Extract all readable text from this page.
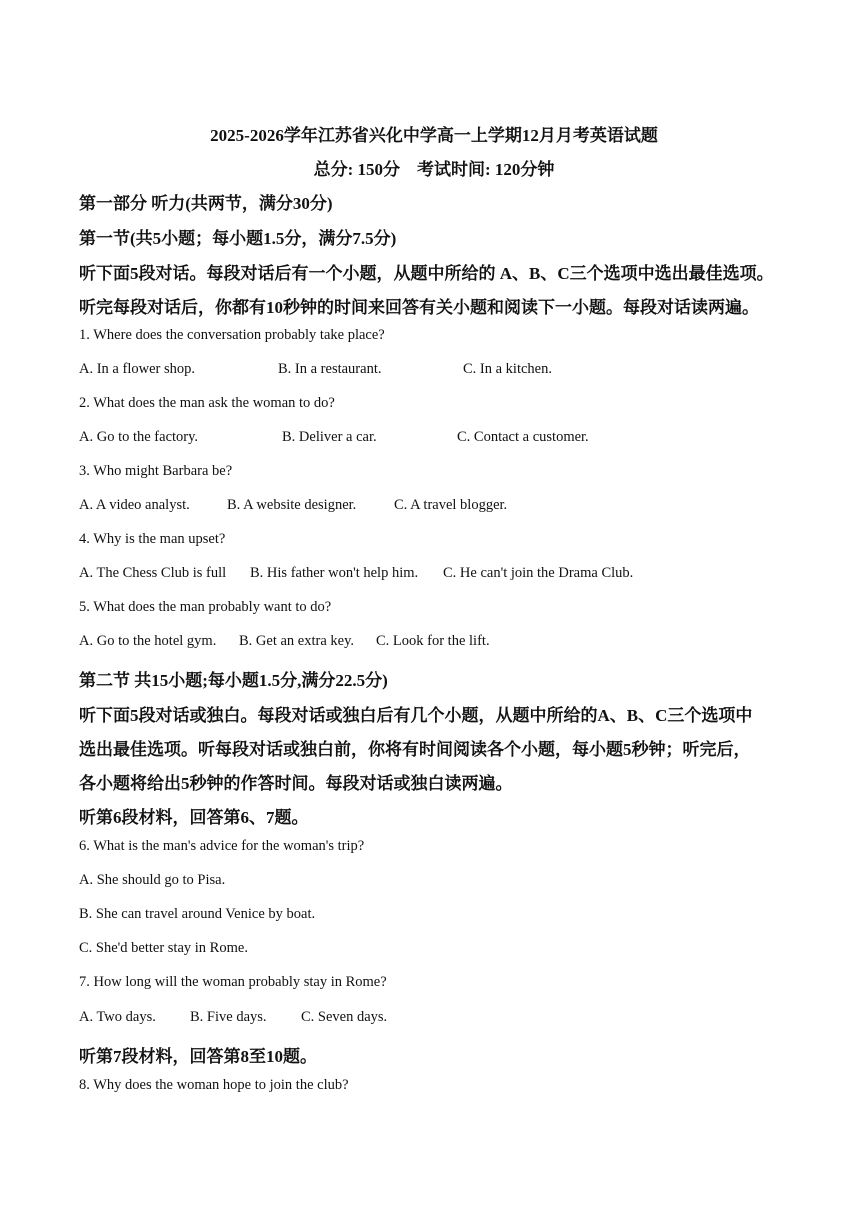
2025-2026学年江苏省兴化中学高一上学期12月月考英语试题
总分: 150分    考试时间: 120分钟
第一部分 听力(共两节，满分30分)
第一节(共5小题；每小题1.5分，满分7.5分)
听下面5段对话。每段对话后有一个小题，从题中所给的 A、B、C三个选项中选出最佳选项。
听完每段对话后，你都有10秒钟的时间来回答有关小题和阅读下一小题。每段对话读两遍。
1. Where does the conversation probably take place?
A. In a flower shop.	B. In a restaurant.	C. In a kitchen.
2. What does the man ask the woman to do?
A. Go to the factory.	B. Deliver a car.	C. Contact a customer.
3. Who might Barbara be?
A. A video analyst.	B. A website designer.	C. A travel blogger.
4. Why is the man upset?
A. The Chess Club is full B. His father won't help him. C. He can't join the Drama Club.
5. What does the man probably want to do?
A. Go to the hotel gym. B. Get an extra key. C. Look for the lift.
第二节 共15小题;每小题1.5分,满分22.5分)
听下面5段对话或独白。每段对话或独白后有几个小题，从题中所给的A、B、C三个选项中
选出最佳选项。听每段对话或独白前，你将有时间阅读各个小题，每小题5秒钟；听完后，
各小题将给出5秒钟的作答时间。每段对话或独白读两遍。
听第6段材料，回答第6、7题。
6. What is the man's advice for the woman's trip?
A. She should go to Pisa.
B. She can travel around Venice by boat.
C. She'd better stay in Rome.
7. How long will the woman probably stay in Rome?
A. Two days. B. Five days. C. Seven days.
听第7段材料，回答第8至10题。
8. Why does the woman hope to join the club?
